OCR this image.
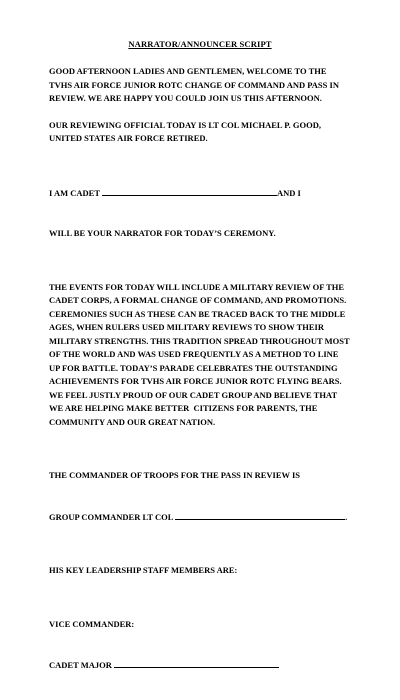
NARRATOR/ANNOUNCER SCRIPT
GOOD AFTERNOON LADIES AND GENTLEMEN, WELCOME TO THE TVHS AIR FORCE JUNIOR ROTC CHANGE OF COMMAND AND PASS IN REVIEW. WE ARE HAPPY YOU COULD JOIN US THIS AFTERNOON.
OUR REVIEWING OFFICIAL TODAY IS LT COL MICHAEL P. GOOD, UNITED STATES AIR FORCE RETIRED.

I AM CADET	AND I

WILL BE YOUR NARRATOR FOR TODAY’S CEREMONY.

THE EVENTS FOR TODAY WILL INCLUDE A MILITARY REVIEW OF THE CADET CORPS, A FORMAL CHANGE OF COMMAND, AND PROMOTIONS. CEREMONIES SUCH AS THESE CAN BE TRACED BACK TO THE MIDDLE AGES, WHEN RULERS USED MILITARY REVIEWS TO SHOW THEIR MILITARY STRENGTHS. THIS TRADITION SPREAD THROUGHOUT MOST OF THE WORLD AND WAS USED FREQUENTLY AS A METHOD TO LINE UP FOR BATTLE. TODAY’S PARADE CELEBRATES THE OUTSTANDING ACHIEVEMENTS FOR TVHS AIR FORCE JUNIOR ROTC FLYING BEARS. WE FEEL JUSTLY PROUD OF OUR CADET GROUP AND BELIEVE THAT WE ARE HELPING MAKE BETTER  CITIZENS FOR PARENTS, THE COMMUNITY AND OUR GREAT NATION.

THE COMMANDER OF TROOPS FOR THE PASS IN REVIEW IS

GROUP COMMANDER LT COL	.

HIS KEY LEADERSHIP STAFF MEMBERS ARE:

VICE COMMANDER:

CADET MAJOR
